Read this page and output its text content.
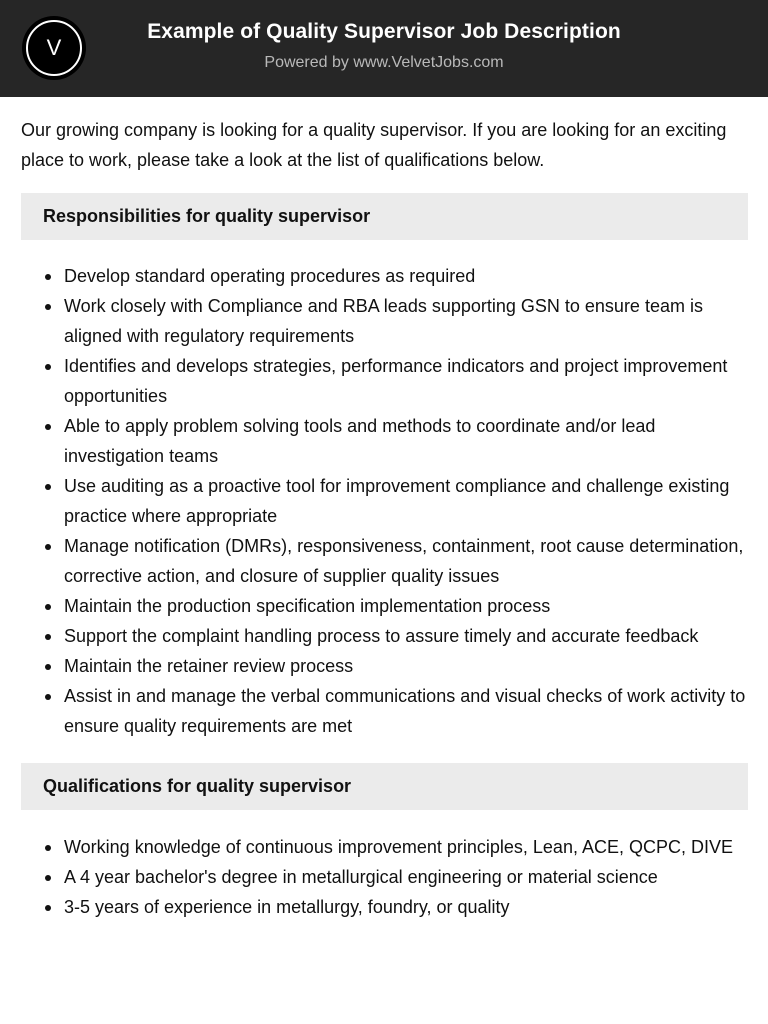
V
Example of Quality Supervisor Job Description
Powered by www.VelvetJobs.com

Our growing company is looking for a quality supervisor. If you are looking for an exciting place to work, please take a look at the list of qualifications below.

Responsibilities for quality supervisor
Develop standard operating procedures as required
Work closely with Compliance and RBA leads supporting GSN to ensure team is aligned with regulatory requirements
Identifies and develops strategies, performance indicators and project improvement opportunities
Able to apply problem solving tools and methods to coordinate and/or lead investigation teams
Use auditing as a proactive tool for improvement compliance and challenge existing practice where appropriate
Manage notification (DMRs), responsiveness, containment, root cause determination, corrective action, and closure of supplier quality issues
Maintain the production specification implementation process
Support the complaint handling process to assure timely and accurate feedback
Maintain the retainer review process
Assist in and manage the verbal communications and visual checks of work activity to ensure quality requirements are met
Qualifications for quality supervisor
Working knowledge of continuous improvement principles, Lean, ACE, QCPC, DIVE
A 4 year bachelor's degree in metallurgical engineering or material science
3-5 years of experience in metallurgy, foundry, or quality
